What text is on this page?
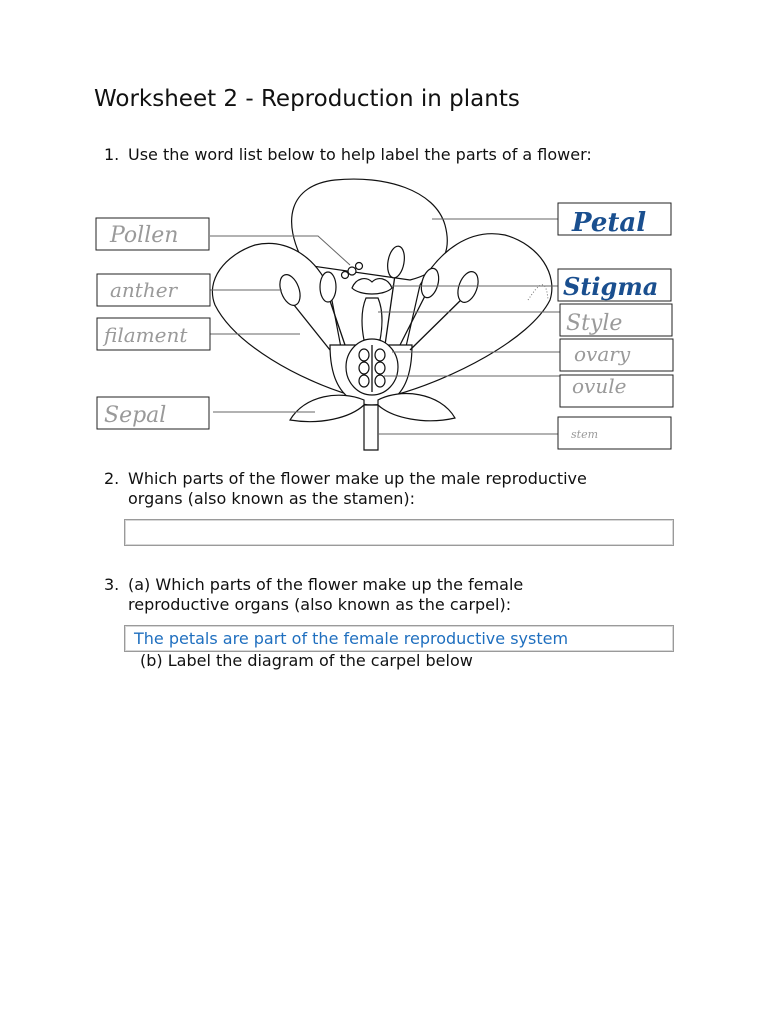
Worksheet 2 - Reproduction in plants
1. Use the word list below to help label the parts of a flower:
Pollen
anther
filament
Sepal
Petal
Stigma
Style
ovary
ovule
stem
2. Which parts of the flower make up the male reproductive
organs (also known as the stamen):
3. (a) Which parts of the flower make up the female
reproductive organs (also known as the carpel):
The petals are part of the female reproductive system
(b) Label the diagram of the carpel below
